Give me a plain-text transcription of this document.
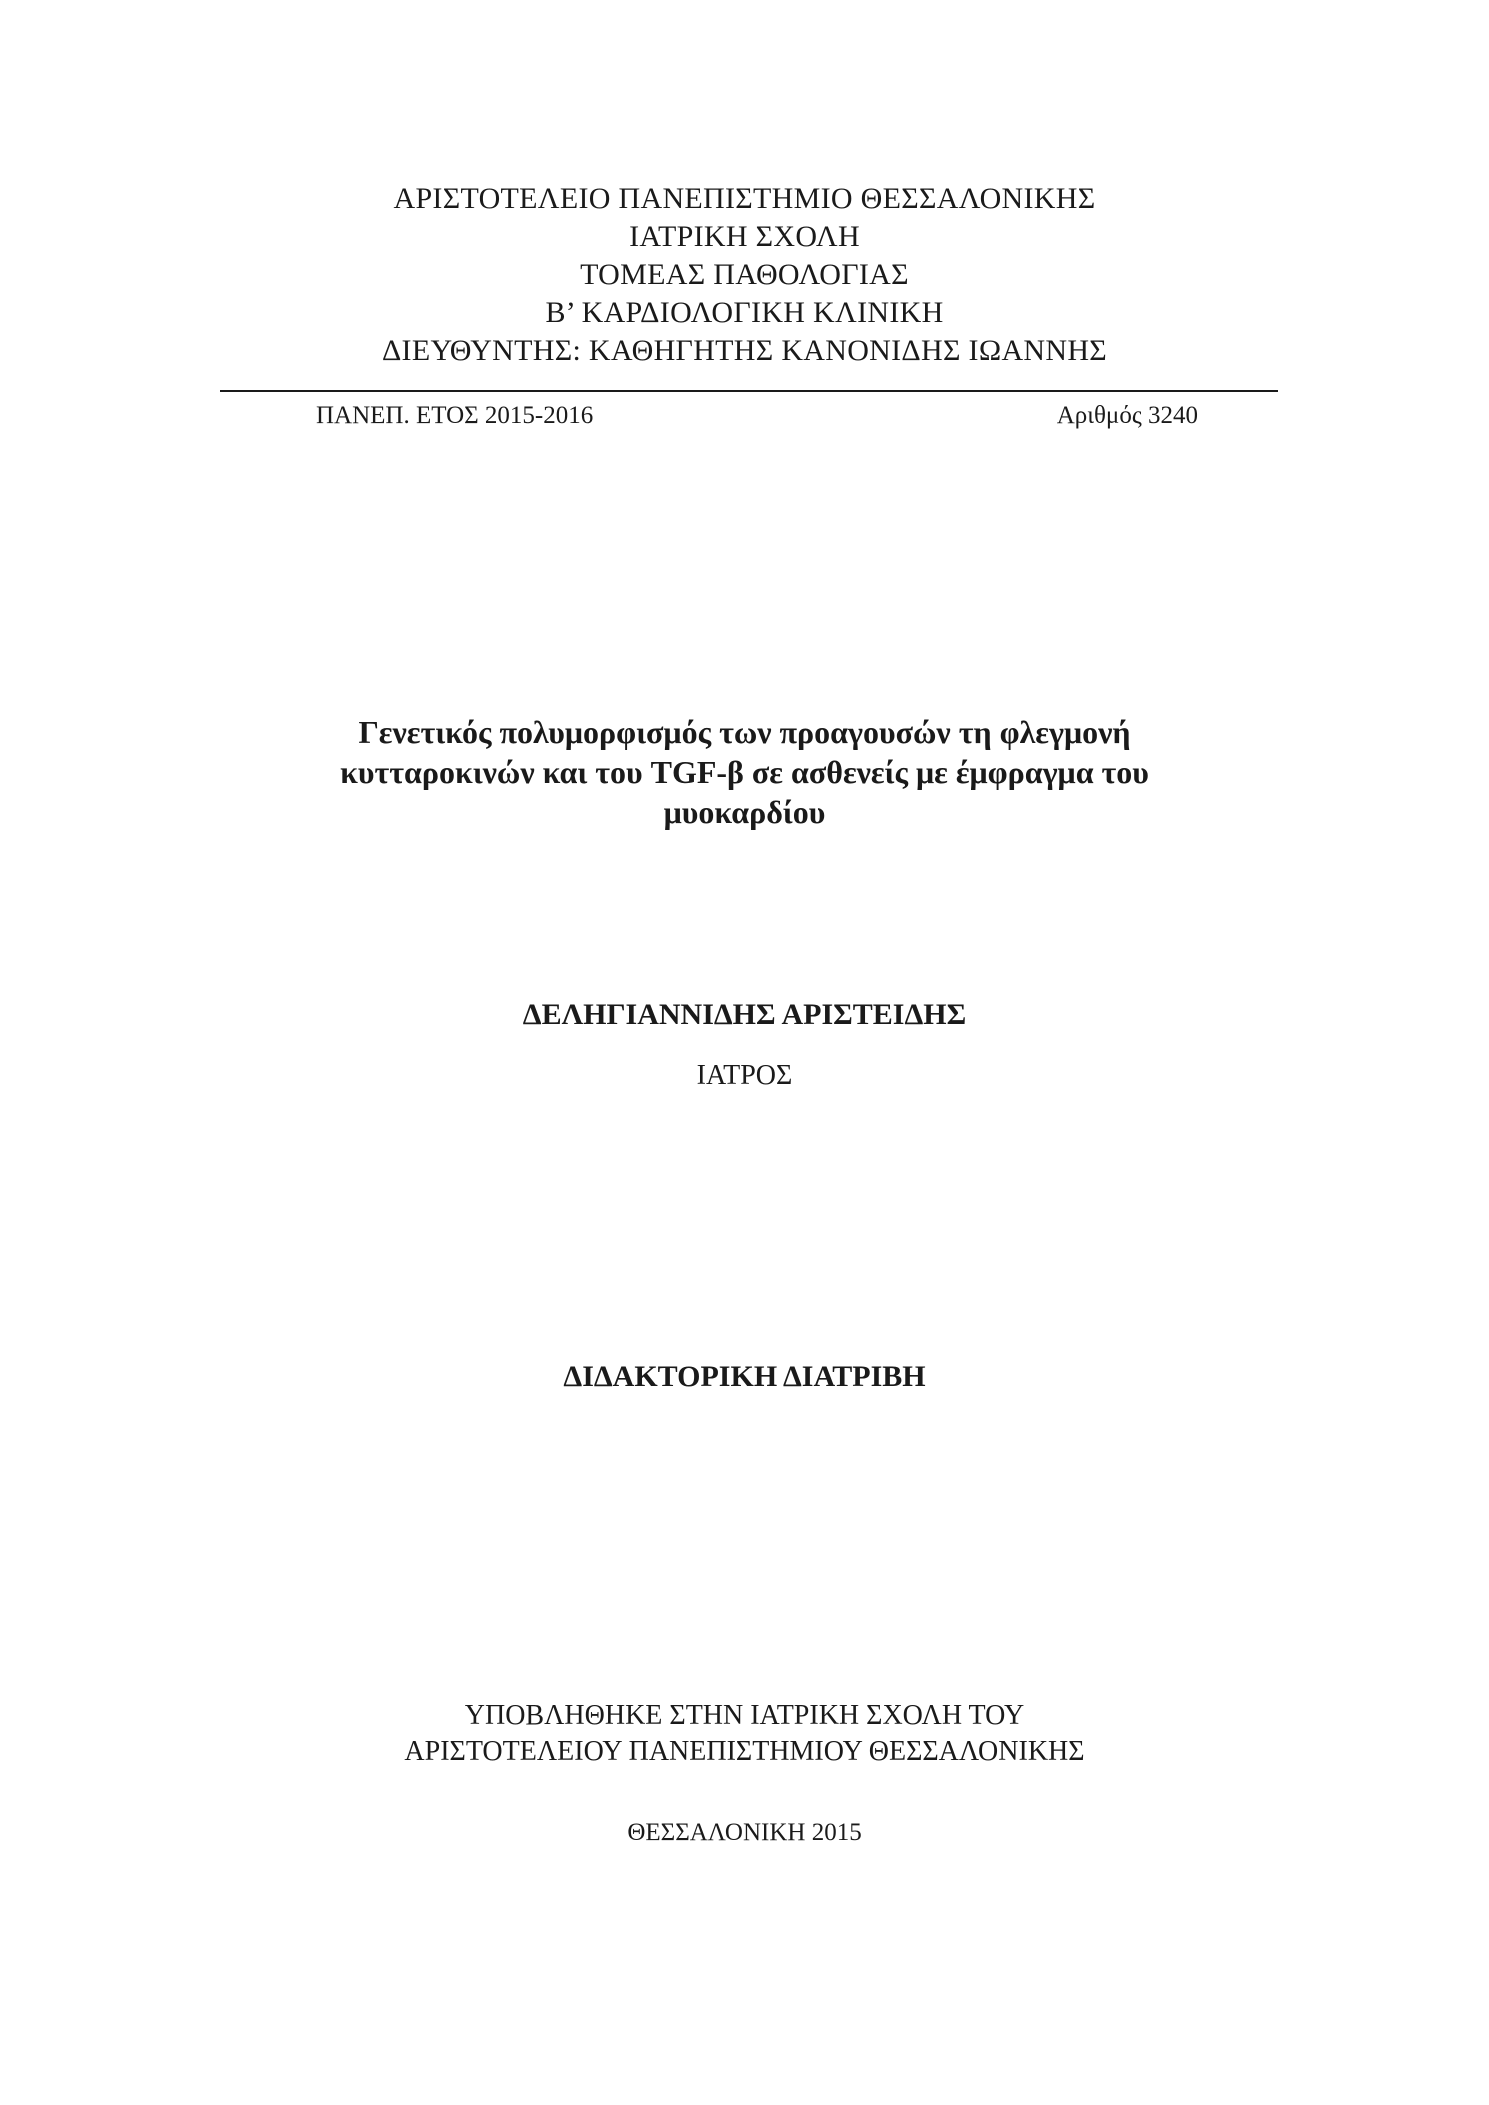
ΑΡΙΣΤΟΤΕΛΕΙΟ ΠΑΝΕΠΙΣΤΗΜΙΟ ΘΕΣΣΑΛΟΝΙΚΗΣ
ΙΑΤΡΙΚΗ ΣΧΟΛΗ
ΤΟΜΕΑΣ ΠΑΘΟΛΟΓΙΑΣ
Β’ ΚΑΡΔΙΟΛΟΓΙΚΗ ΚΛΙΝΙΚΗ
ΔΙΕΥΘΥΝΤΗΣ: ΚΑΘΗΓΗΤΗΣ ΚΑΝΟΝΙΔΗΣ ΙΩΑΝΝΗΣ
ΠΑΝΕΠ. ΕΤΟΣ 2015-2016	Αριθμός 3240
Γενετικός πολυμορφισμός των προαγουσών τη φλεγμονή
κυτταροκινών και του TGF-β σε ασθενείς με έμφραγμα του
μυοκαρδίου
ΔΕΛΗΓΙΑΝΝΙΔΗΣ ΑΡΙΣΤΕΙΔΗΣ
ΙΑΤΡΟΣ
ΔΙΔΑΚΤΟΡΙΚΗ ΔΙΑΤΡΙΒΗ
ΥΠΟΒΛΗΘΗΚΕ ΣΤΗΝ ΙΑΤΡΙΚΗ ΣΧΟΛΗ ΤΟΥ
ΑΡΙΣΤΟΤΕΛΕΙΟΥ ΠΑΝΕΠΙΣΤΗΜΙΟΥ ΘΕΣΣΑΛΟΝΙΚΗΣ
ΘΕΣΣΑΛΟΝΙΚΗ 2015
